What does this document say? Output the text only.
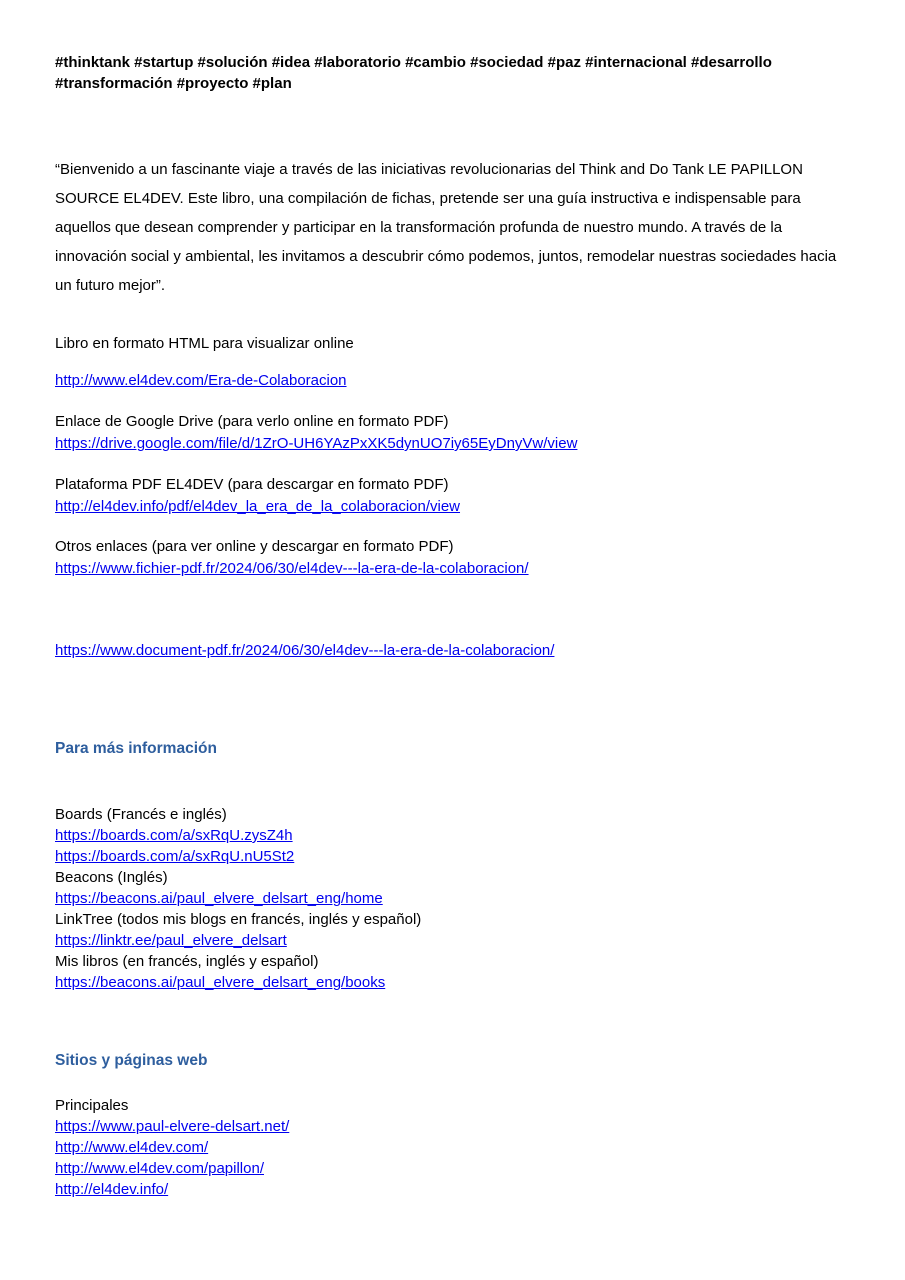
#thinktank #startup #solución #idea #laboratorio #cambio #sociedad #paz #internacional #desarrollo #transformación #proyecto #plan
“Bienvenido a un fascinante viaje a través de las iniciativas revolucionarias del Think and Do Tank LE PAPILLON SOURCE EL4DEV. Este libro, una compilación de fichas, pretende ser una guía instructiva e indispensable para aquellos que desean comprender y participar en la transformación profunda de nuestro mundo. A través de la innovación social y ambiental, les invitamos a descubrir cómo podemos, juntos, remodelar nuestras sociedades hacia un futuro mejor”.
Libro en formato HTML para visualizar online
http://www.el4dev.com/Era-de-Colaboracion
Enlace de Google Drive (para verlo online en formato PDF)
https://drive.google.com/file/d/1ZrO-UH6YAzPxXK5dynUO7iy65EyDnyVw/view
Plataforma PDF EL4DEV (para descargar en formato PDF)
http://el4dev.info/pdf/el4dev_la_era_de_la_colaboracion/view
Otros enlaces (para ver online y descargar en formato PDF)
https://www.fichier-pdf.fr/2024/06/30/el4dev---la-era-de-la-colaboracion/
https://www.document-pdf.fr/2024/06/30/el4dev---la-era-de-la-colaboracion/
Para más información
Boards (Francés e inglés)
https://boards.com/a/sxRqU.zysZ4h
https://boards.com/a/sxRqU.nU5St2
Beacons (Inglés)
https://beacons.ai/paul_elvere_delsart_eng/home
LinkTree (todos mis blogs en francés, inglés y español)
https://linktr.ee/paul_elvere_delsart
Mis libros (en francés, inglés y español)
https://beacons.ai/paul_elvere_delsart_eng/books
Sitios y páginas web
Principales
https://www.paul-elvere-delsart.net/
http://www.el4dev.com/
http://www.el4dev.com/papillon/
http://el4dev.info/
